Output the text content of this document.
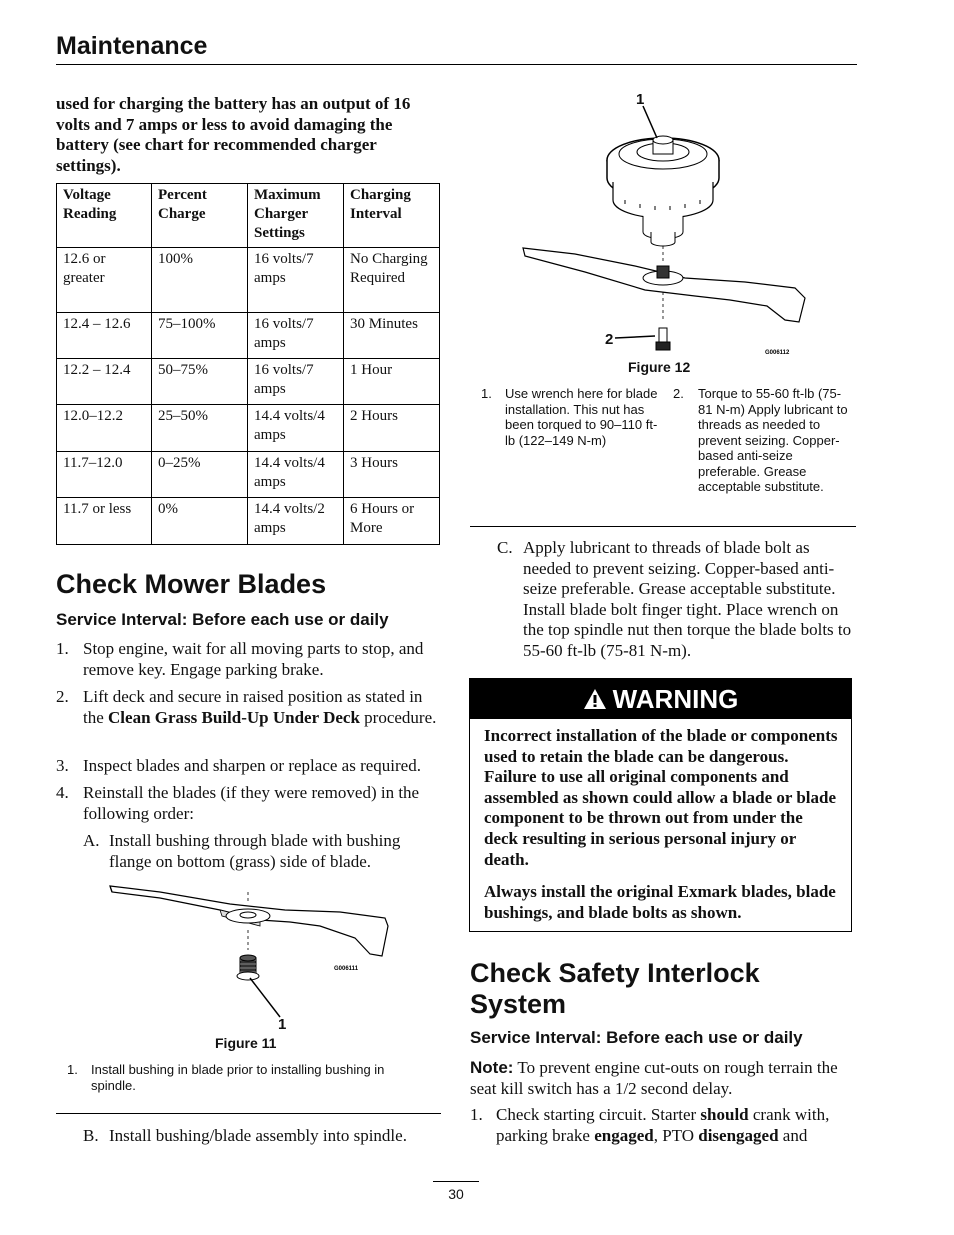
Maintenance
used for charging the battery has an output of 16 volts and 7 amps or less to avoid damaging the battery (see chart for recommended charger settings).
Voltage Reading	Percent Charge	Maximum Charger Settings	Charging Interval
12.6 or greater	100%	16 volts/7 amps	No Charging Required
12.4 – 12.6	75–100%	16 volts/7 amps	30 Minutes
12.2 – 12.4	50–75%	16 volts/7 amps	1 Hour
12.0–12.2	25–50%	14.4 volts/4 amps	2 Hours
11.7–12.0	0–25%	14.4 volts/4 amps	3 Hours
11.7 or less	0%	14.4 volts/2 amps	6 Hours or More
Check Mower Blades
Service Interval: Before each use or daily
1. Stop engine, wait for all moving parts to stop, and remove key. Engage parking brake.
2. Lift deck and secure in raised position as stated in the Clean Grass Build-Up Under Deck procedure.
3. Inspect blades and sharpen or replace as required.
4. Reinstall the blades (if they were removed) in the following order:
A. Install bushing through blade with bushing flange on bottom (grass) side of blade.
G006111
1
Figure 11
1. Install bushing in blade prior to installing bushing in spindle.
B. Install bushing/blade assembly into spindle.
G006112
1
2
Figure 12
1. Use wrench here for blade installation. This nut has been torqued to 90–110 ft-lb (122–149 N-m)
2. Torque to 55-60 ft-lb (75-81 N-m) Apply lubricant to threads as needed to prevent seizing. Copper-based anti-seize preferable. Grease acceptable substitute.
C. Apply lubricant to threads of blade bolt as needed to prevent seizing. Copper-based anti-seize preferable. Grease acceptable substitute. Install blade bolt finger tight. Place wrench on the top spindle nut then torque the blade bolts to 55-60 ft-lb (75-81 N-m).
WARNING
Incorrect installation of the blade or components used to retain the blade can be dangerous. Failure to use all original components and assembled as shown could allow a blade or blade component to be thrown out from under the deck resulting in serious personal injury or death.
Always install the original Exmark blades, blade bushings, and blade bolts as shown.
Check Safety Interlock
System
Service Interval: Before each use or daily
Note: To prevent engine cut-outs on rough terrain the seat kill switch has a 1/2 second delay.
1. Check starting circuit. Starter should crank with, parking brake engaged, PTO disengaged and
30
